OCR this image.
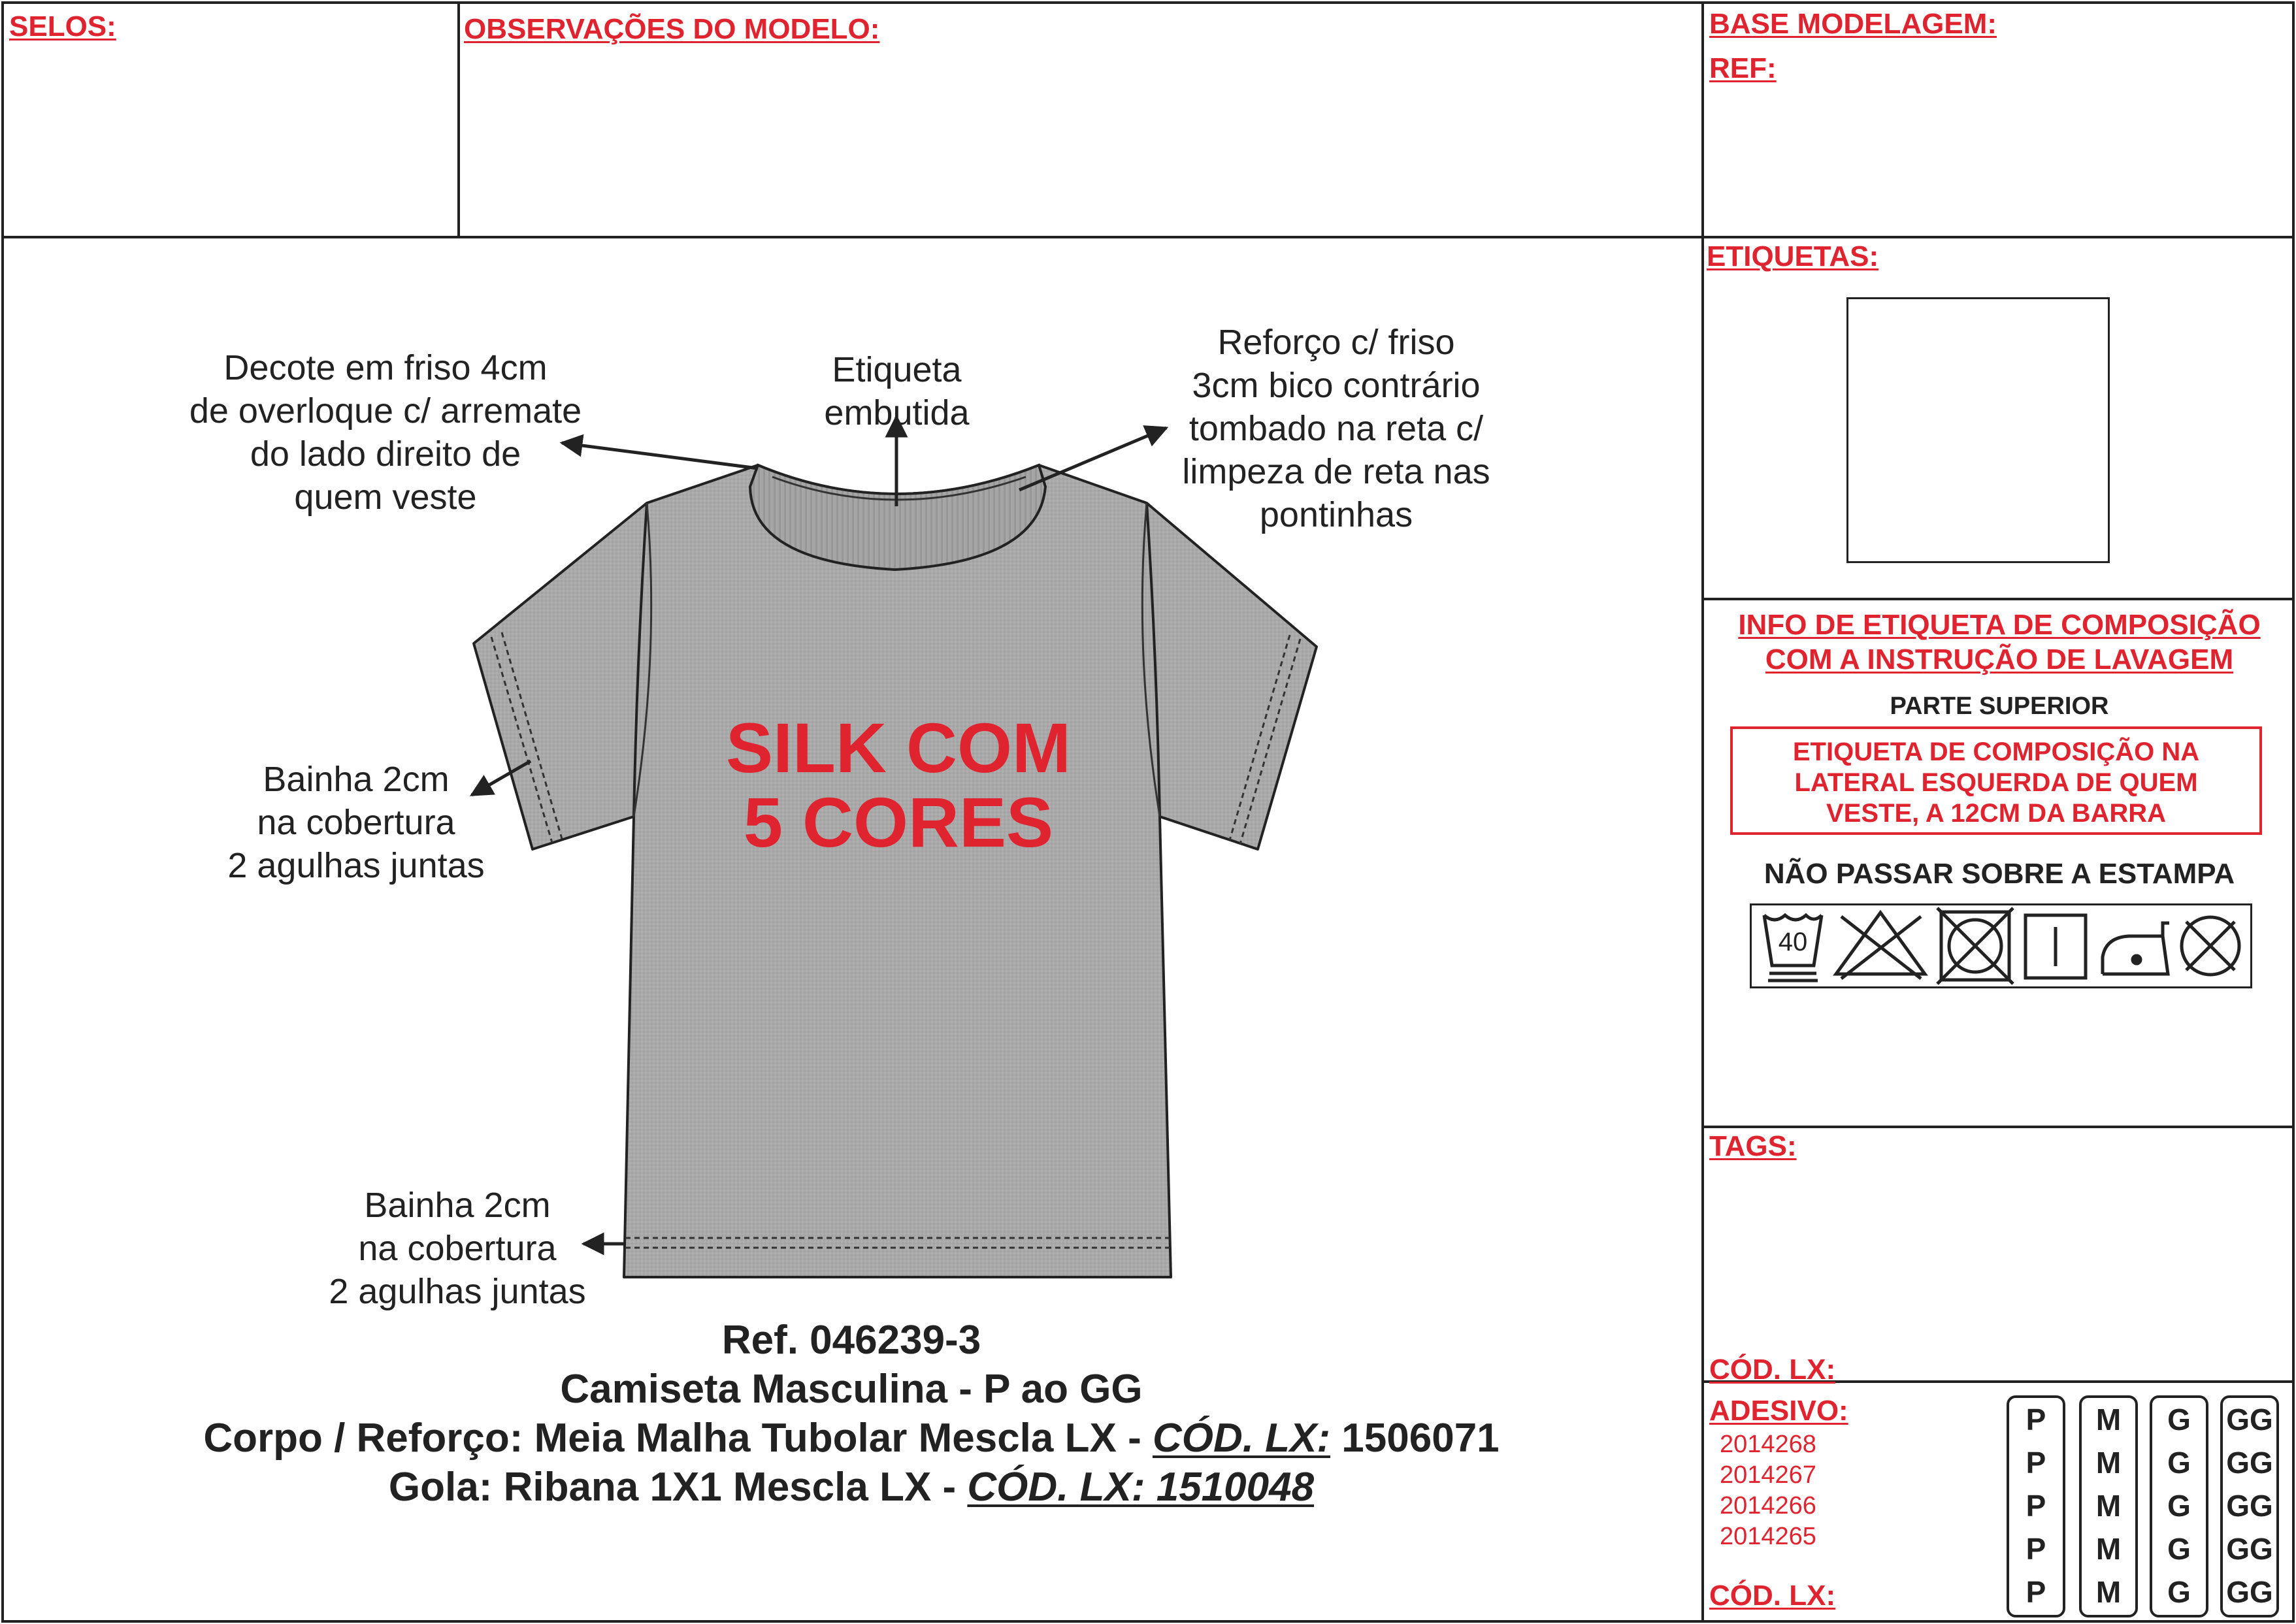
SELOS:	OBSERVAÇÕES DO MODELO:	BASE MODELAGEM:
REF:
SILK COM
5 CORES
Decote em friso 4cm
de overloque c/ arremate
do lado direito de
quem veste
Etiqueta
embutida
Reforço c/ friso
3cm bico contrário
tombado na reta c/
limpeza de reta nas
pontinhas
Bainha 2cm
na cobertura
2 agulhas juntas
Bainha 2cm
na cobertura
2 agulhas juntas
Ref. 046239-3
Camiseta Masculina - P ao GG
Corpo / Reforço: Meia Malha Tubolar Mescla LX - CÓD. LX: 1506071
Gola: Ribana 1X1 Mescla LX - CÓD. LX: 1510048
ETIQUETAS:
INFO DE ETIQUETA DE COMPOSIÇÃO
COM A INSTRUÇÃO DE LAVAGEM
PARTE SUPERIOR
ETIQUETA DE COMPOSIÇÃO NA
LATERAL ESQUERDA DE QUEM
VESTE, A 12CM DA BARRA
NÃO PASSAR SOBRE A ESTAMPA
40
TAGS:
CÓD. LX:
ADESIVO:
2014268
2014267
2014266
2014265
CÓD. LX:
P
P
P
P
P
M
M
M
M
M
G
G
G
G
G
GG
GG
GG
GG
GG
